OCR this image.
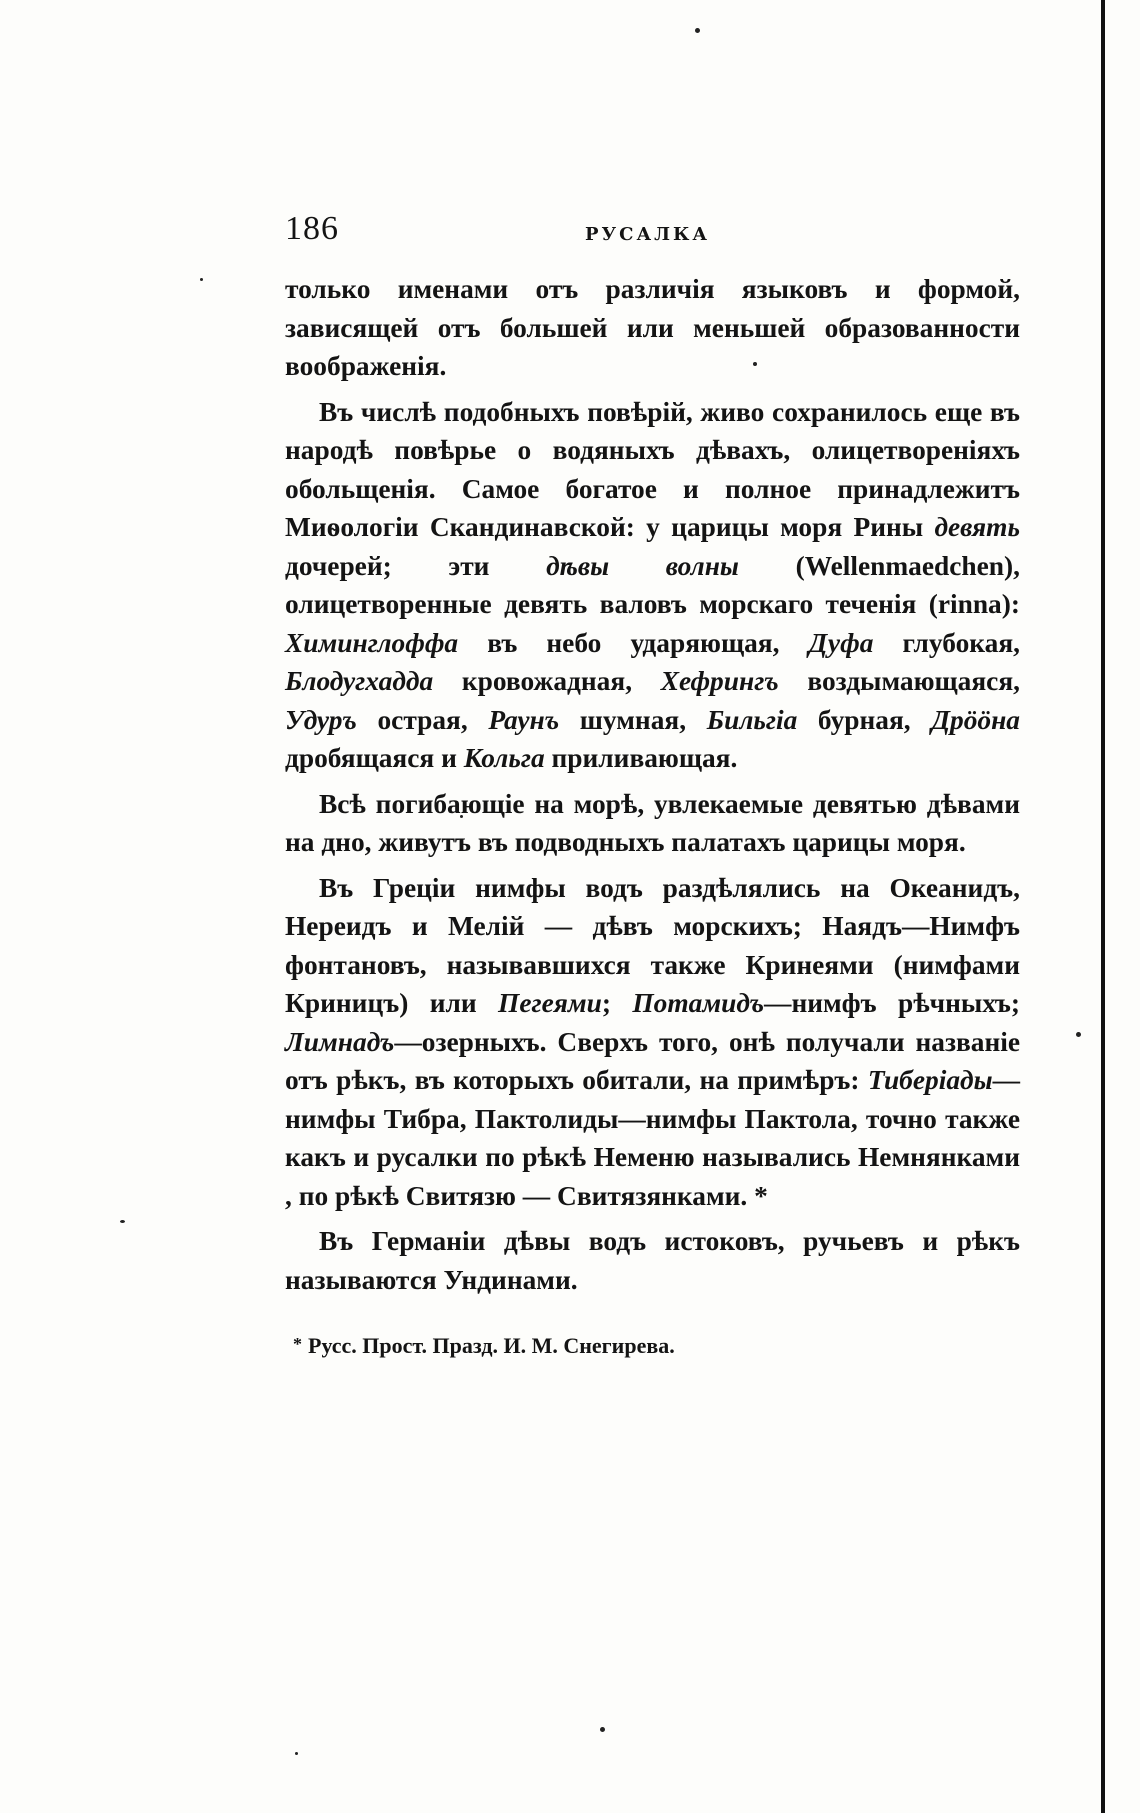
186	РУСАЛКА

только именами отъ различія языковъ и формой, зависящей отъ большей или меньшей образованности воображенія.

Въ числѣ подобныхъ повѣрій, живо сохранилось еще въ народѣ повѣрье о водяныхъ дѣвахъ, олицетвореніяхъ обольщенія. Самое богатое и полное принадлежитъ Миѳологіи Скандинавской: у царицы моря Рины девять дочерей; эти дѣвы волны (Wellenmaedchen), олицетворенные девять валовъ морскаго теченія (rinna): Химинглоффа въ небо ударяющая, Дуфа глубокая, Блодугхадда кровожадная, Хефрингъ воздымающаяся, Удуръ острая, Раунъ шумная, Бильгіа бурная, Дрööна дробящаяся и Кольга приливающая.

Всѣ погибающіе на морѣ, увлекаемые девятью дѣвами на дно, живутъ въ подводныхъ палатахъ царицы моря.

Въ Греціи нимфы водъ раздѣлялись на Океанидъ, Нереидъ и Мелій — дѣвъ морскихъ; Наядъ—Нимфъ фонтановъ, называвшихся также Кринеями (нимфами Криницъ) или Пегеями; Потамидъ—нимфъ рѣчныхъ; Лимнадъ—озерныхъ. Сверхъ того, онѣ получали названіе отъ рѣкъ, въ которыхъ обитали, на примѣръ: Тиберіады—нимфы Тибра, Пактолиды—нимфы Пактола, точно также какъ и русалки по рѣкѣ Неменю назывались Немнянками , по рѣкѣ Свитязю — Свитязянками. *

Въ Германіи дѣвы водъ истоковъ, ручьевъ и рѣкъ называются Ундинами.

* Русс. Прост. Празд. И. М. Снегирева.
